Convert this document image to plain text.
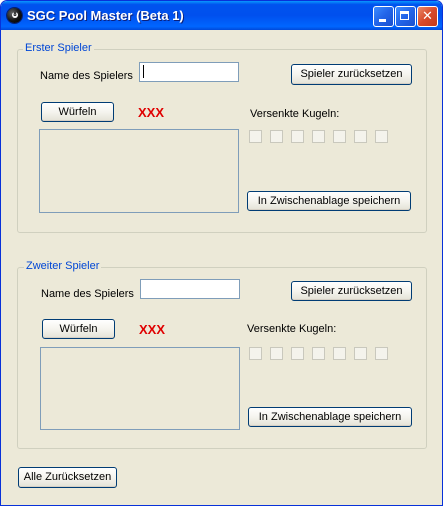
8 SGC Pool Master (Beta 1)	✕
Erster Spieler
Name des Spielers	Spieler zurücksetzen
Würfeln	XXX	Versenkte Kugeln:
In Zwischenablage speichern
Zweiter Spieler
Name des Spielers	Spieler zurücksetzen
Würfeln	XXX	Versenkte Kugeln:
In Zwischenablage speichern
Alle Zurücksetzen
